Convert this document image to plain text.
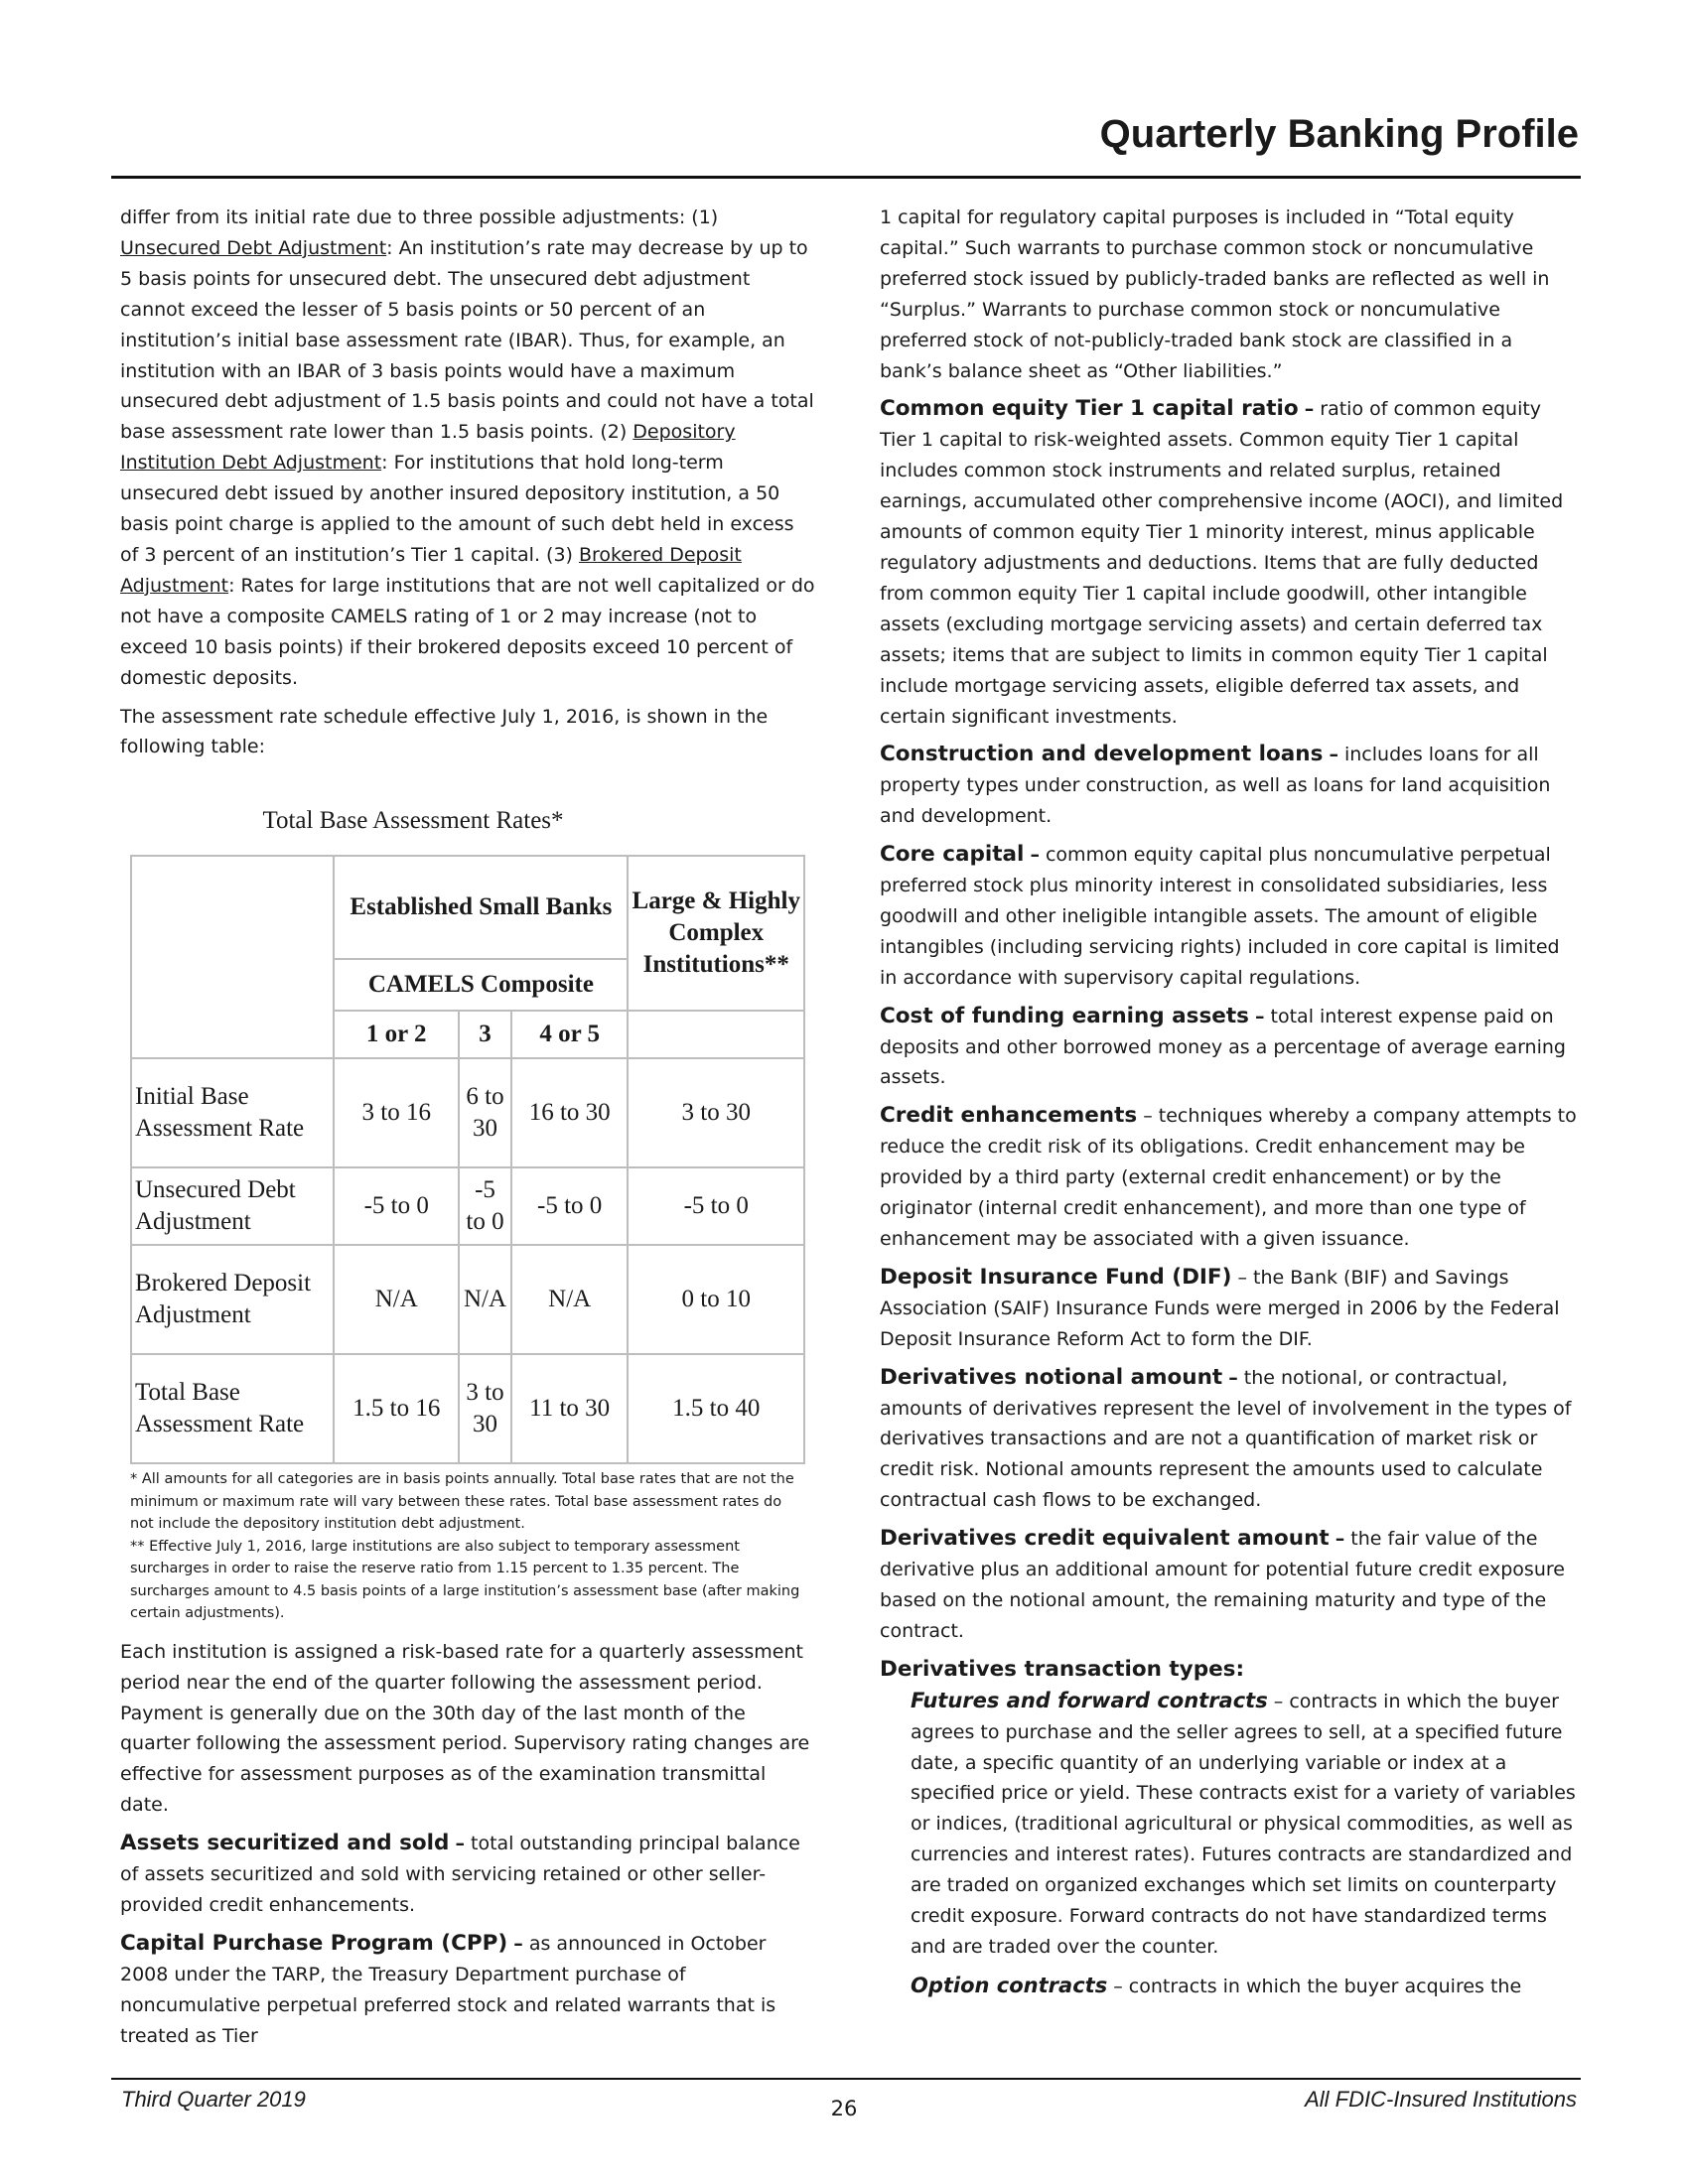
Quarterly Banking Profile

differ from its initial rate due to three possible adjustments: (1) Unsecured Debt Adjustment: An institution’s rate may decrease by up to 5 basis points for unsecured debt. The unsecured debt adjustment cannot exceed the lesser of 5 basis points or 50 percent of an institution’s initial base assessment rate (IBAR). Thus, for example, an institution with an IBAR of 3 basis points would have a maximum unsecured debt adjustment of 1.5 basis points and could not have a total base assessment rate lower than 1.5 basis points. (2) Depository Institution Debt Adjustment: For institutions that hold long-term unsecured debt issued by another insured depository institution, a 50 basis point charge is applied to the amount of such debt held in excess of 3 percent of an institution’s Tier 1 capital. (3) Brokered Deposit Adjustment: Rates for large institutions that are not well capitalized or do not have a composite CAMELS rating of 1 or 2 may increase (not to exceed 10 basis points) if their brokered deposits exceed 10 percent of domestic deposits.

The assessment rate schedule effective July 1, 2016, is shown in the following table:

Total Base Assessment Rates*
	Established Small Banks			Large & Highly Complex Institutions**
	CAMELS Composite			
	1 or 2	3	4 or 5	
Initial Base Assessment Rate	3 to 16	6 to 30	16 to 30	3 to 30
Unsecured Debt Adjustment	-5 to 0	-5 to 0	-5 to 0	-5 to 0
Brokered Deposit Adjustment	N/A	N/A	N/A	0 to 10
Total Base Assessment Rate	1.5 to 16	3 to 30	11 to 30	1.5 to 40

* All amounts for all categories are in basis points annually. Total base rates that are not the minimum or maximum rate will vary between these rates. Total base assessment rates do not include the depository institution debt adjustment.

** Effective July 1, 2016, large institutions are also subject to temporary assessment surcharges in order to raise the reserve ratio from 1.15 percent to 1.35 percent. The surcharges amount to 4.5 basis points of a large institution’s assessment base (after making certain adjustments).

Each institution is assigned a risk-based rate for a quarterly assessment period near the end of the quarter following the assessment period. Payment is generally due on the 30th day of the last month of the quarter following the assessment period. Supervisory rating changes are effective for assessment purposes as of the examination transmittal date.

Assets securitized and sold – total outstanding principal balance of assets securitized and sold with servicing retained or other seller-provided credit enhancements.

Capital Purchase Program (CPP) – as announced in October 2008 under the TARP, the Treasury Department purchase of noncumulative perpetual preferred stock and related warrants that is treated as Tier

1 capital for regulatory capital purposes is included in “Total equity capital.” Such warrants to purchase common stock or noncumulative preferred stock issued by publicly-traded banks are reflected as well in “Surplus.” Warrants to purchase common stock or noncumulative preferred stock of not-publicly-traded bank stock are classified in a bank’s balance sheet as “Other liabilities.”

Common equity Tier 1 capital ratio – ratio of common equity Tier 1 capital to risk-weighted assets. Common equity Tier 1 capital includes common stock instruments and related surplus, retained earnings, accumulated other comprehensive income (AOCI), and limited amounts of common equity Tier 1 minority interest, minus applicable regulatory adjustments and deductions. Items that are fully deducted from common equity Tier 1 capital include goodwill, other intangible assets (excluding mortgage servicing assets) and certain deferred tax assets; items that are subject to limits in common equity Tier 1 capital include mortgage servicing assets, eligible deferred tax assets, and certain significant investments.

Construction and development loans – includes loans for all property types under construction, as well as loans for land acquisition and development.

Core capital – common equity capital plus noncumulative perpetual preferred stock plus minority interest in consolidated subsidiaries, less goodwill and other ineligible intangible assets. The amount of eligible intangibles (including servicing rights) included in core capital is limited in accordance with supervisory capital regulations.

Cost of funding earning assets – total interest expense paid on deposits and other borrowed money as a percentage of average earning assets.

Credit enhancements – techniques whereby a company attempts to reduce the credit risk of its obligations. Credit enhancement may be provided by a third party (external credit enhancement) or by the originator (internal credit enhancement), and more than one type of enhancement may be associated with a given issuance.

Deposit Insurance Fund (DIF) – the Bank (BIF) and Savings Association (SAIF) Insurance Funds were merged in 2006 by the Federal Deposit Insurance Reform Act to form the DIF.

Derivatives notional amount – the notional, or contractual, amounts of derivatives represent the level of involvement in the types of derivatives transactions and are not a quantification of market risk or credit risk. Notional amounts represent the amounts used to calculate contractual cash flows to be exchanged.

Derivatives credit equivalent amount – the fair value of the derivative plus an additional amount for potential future credit exposure based on the notional amount, the remaining maturity and type of the contract.

Derivatives transaction types:

Futures and forward contracts – contracts in which the buyer agrees to purchase and the seller agrees to sell, at a specified future date, a specific quantity of an underlying variable or index at a specified price or yield. These contracts exist for a variety of variables or indices, (traditional agricultural or physical commodities, as well as currencies and interest rates). Futures contracts are standardized and are traded on organized exchanges which set limits on counterparty credit exposure. Forward contracts do not have standardized terms and are traded over the counter.

Option contracts – contracts in which the buyer acquires the

Third Quarter 2019	26	All FDIC-Insured Institutions
